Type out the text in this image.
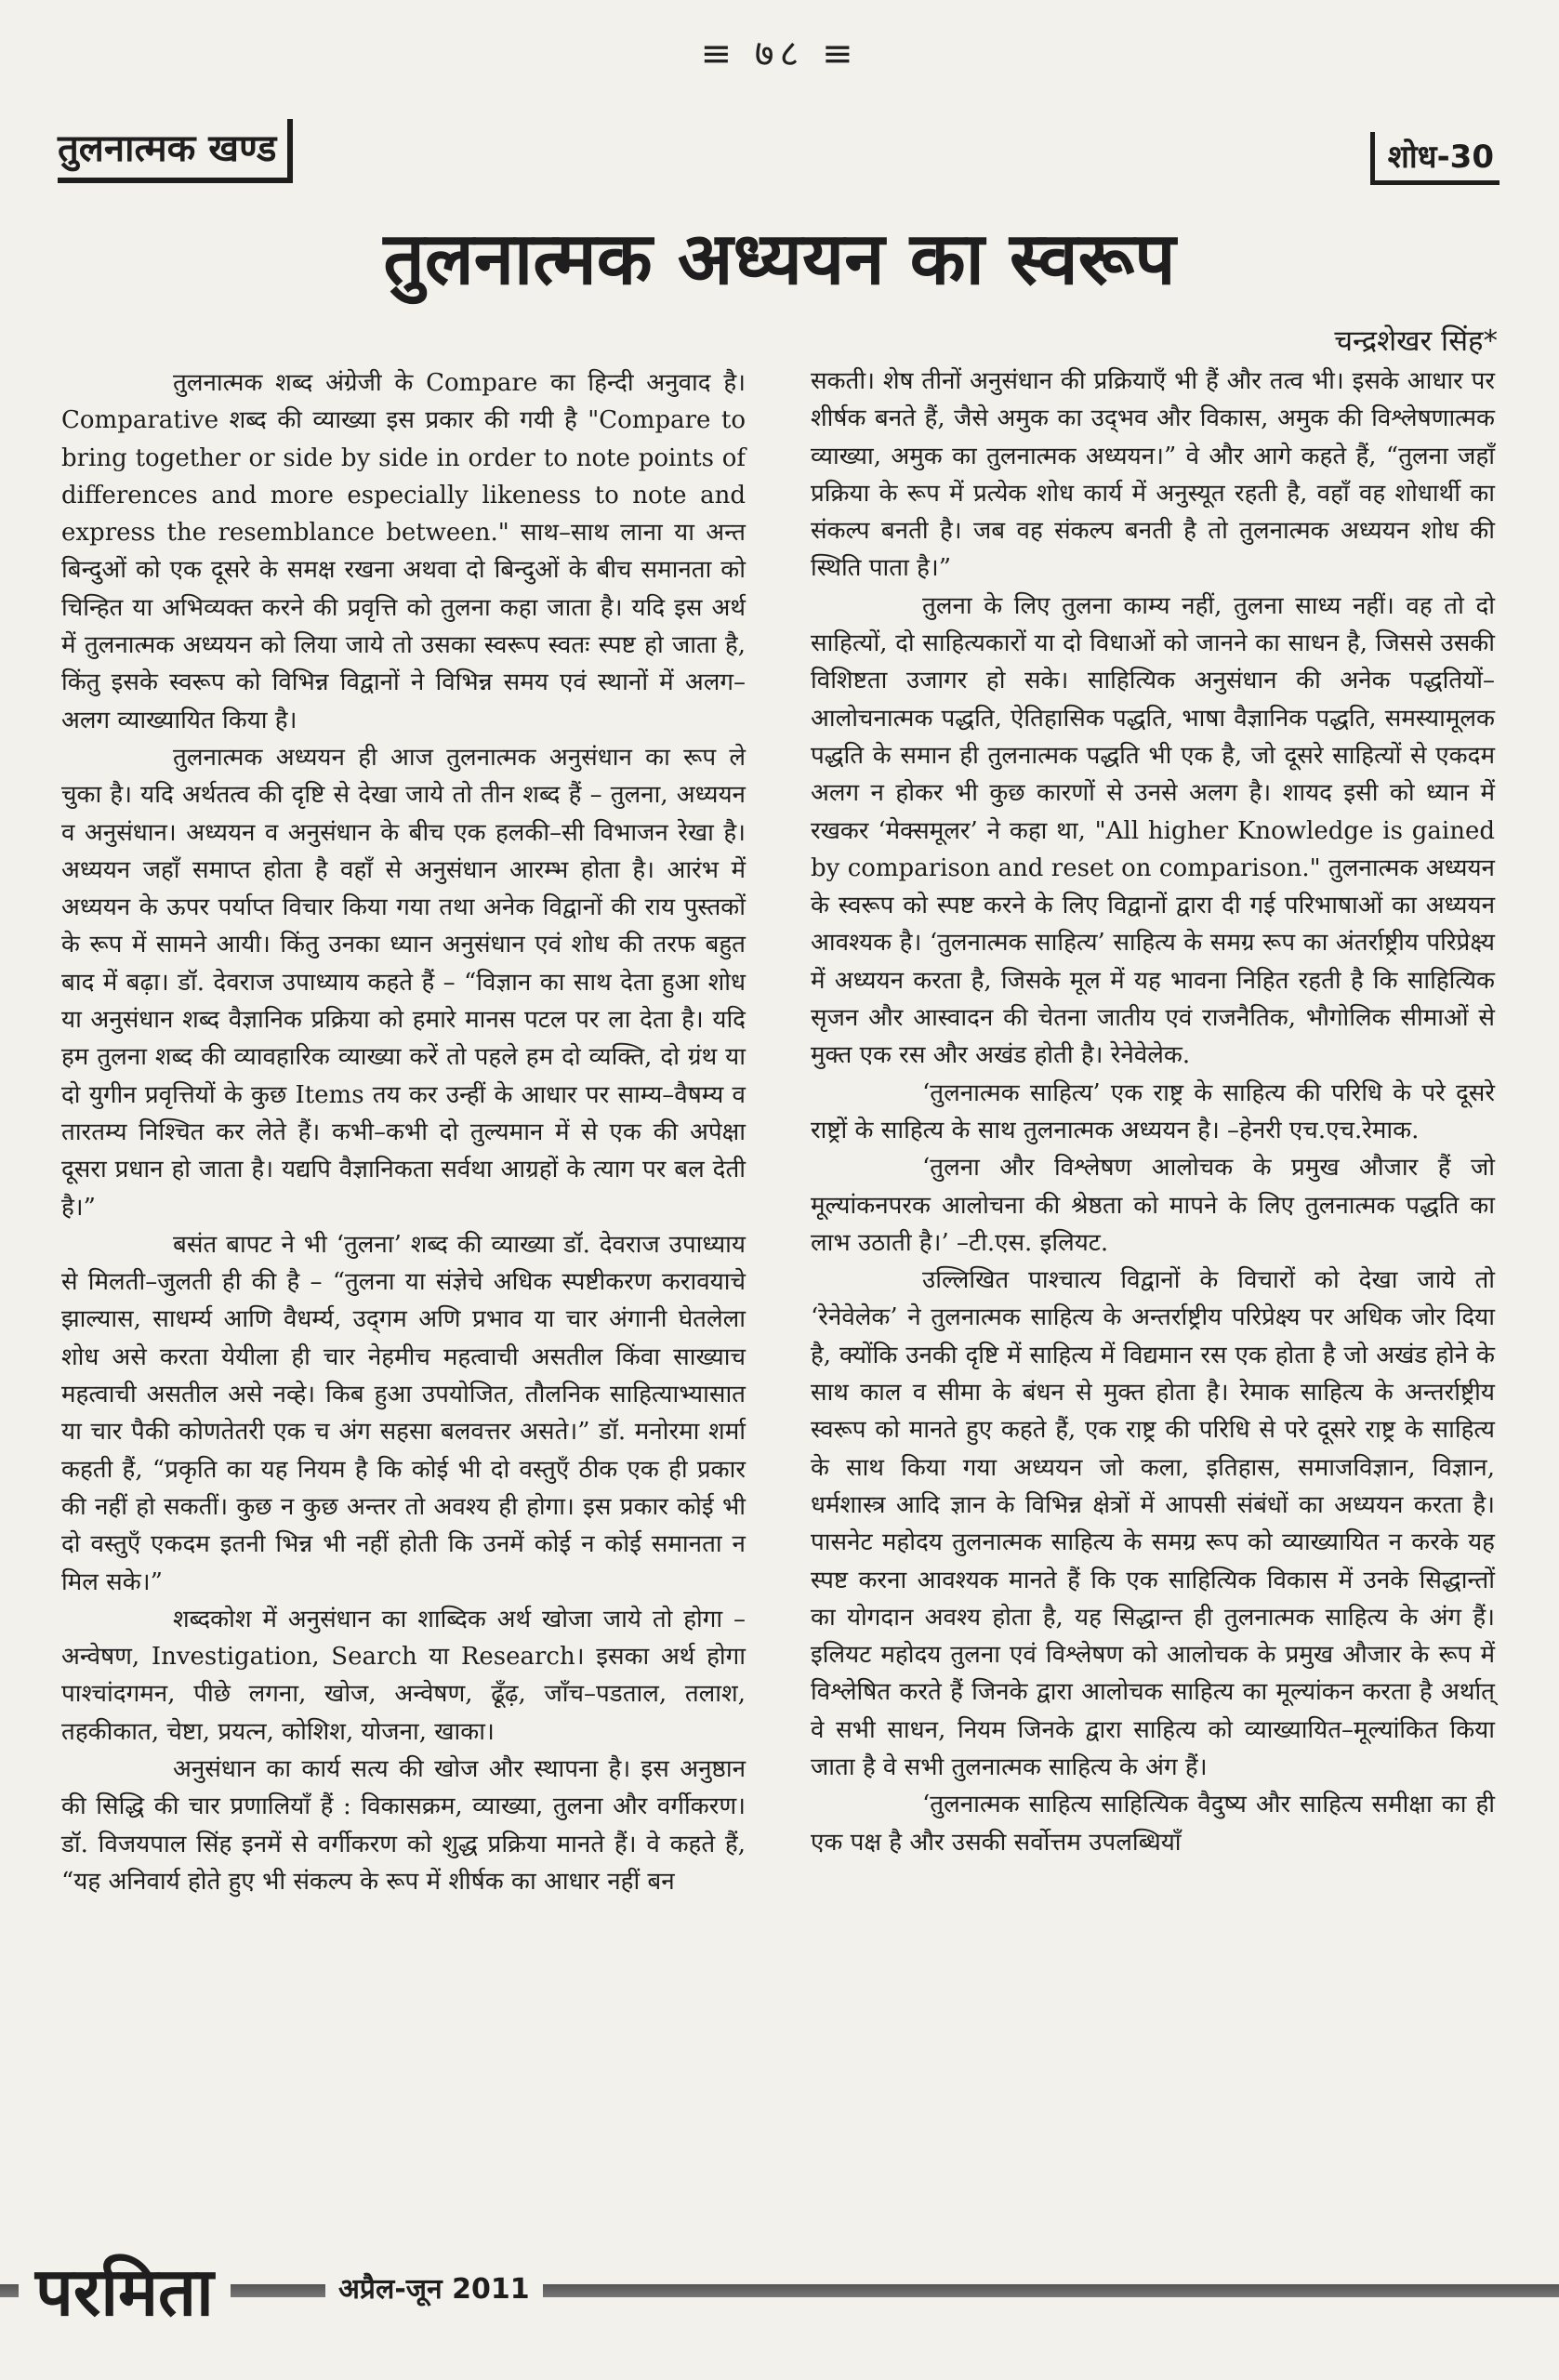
≡ ७८ ≡
तुलनात्मक खण्ड	शोध-30
तुलनात्मक अध्ययन का स्वरूप
चन्द्रशेखर सिंह*

तुलनात्मक शब्द अंग्रेजी के Compare का हिन्दी अनुवाद है। Comparative शब्द की व्याख्या इस प्रकार की गयी है "Compare to bring together or side by side in order to note points of differences and more especially likeness to note and express the resemblance between." साथ–साथ लाना या अन्त बिन्दुओं को एक दूसरे के समक्ष रखना अथवा दो बिन्दुओं के बीच समानता को चिन्हित या अभिव्यक्त करने की प्रवृत्ति को तुलना कहा जाता है। यदि इस अर्थ में तुलनात्मक अध्ययन को लिया जाये तो उसका स्वरूप स्वतः स्पष्ट हो जाता है, किंतु इसके स्वरूप को विभिन्न विद्वानों ने विभिन्न समय एवं स्थानों में अलग–अलग व्याख्यायित किया है।

तुलनात्मक अध्ययन ही आज तुलनात्मक अनुसंधान का रूप ले चुका है। यदि अर्थतत्व की दृष्टि से देखा जाये तो तीन शब्द हैं – तुलना, अध्ययन व अनुसंधान। अध्ययन व अनुसंधान के बीच एक हलकी–सी विभाजन रेखा है। अध्ययन जहाँ समाप्त होता है वहाँ से अनुसंधान आरम्भ होता है। आरंभ में अध्ययन के ऊपर पर्याप्त विचार किया गया तथा अनेक विद्वानों की राय पुस्तकों के रूप में सामने आयी। किंतु उनका ध्यान अनुसंधान एवं शोध की तरफ बहुत बाद में बढ़ा। डॉ. देवराज उपाध्याय कहते हैं – “विज्ञान का साथ देता हुआ शोध या अनुसंधान शब्द वैज्ञानिक प्रक्रिया को हमारे मानस पटल पर ला देता है। यदि हम तुलना शब्द की व्यावहारिक व्याख्या करें तो पहले हम दो व्यक्ति, दो ग्रंथ या दो युगीन प्रवृत्तियों के कुछ Items तय कर उन्हीं के आधार पर साम्य–वैषम्य व तारतम्य निश्चित कर लेते हैं। कभी–कभी दो तुल्यमान में से एक की अपेक्षा दूसरा प्रधान हो जाता है। यद्यपि वैज्ञानिकता सर्वथा आग्रहों के त्याग पर बल देती है।”

बसंत बापट ने भी ‘तुलना’ शब्द की व्याख्या डॉ. देवराज उपाध्याय से मिलती–जुलती ही की है – “तुलना या संज्ञेचे अधिक स्पष्टीकरण करावयाचे झाल्यास, साधर्म्य आणि वैधर्म्य, उद्‌गम अणि प्रभाव या चार अंगानी घेतलेला शोध असे करता येयीला ही चार नेहमीच महत्वाची असतील किंवा साख्याच महत्वाची असतील असे नव्हे। किब हुआ उपयोजित, तौलनिक साहित्याभ्यासात या चार पैकी कोणतेतरी एक च अंग सहसा बलवत्तर असते।” डॉ. मनोरमा शर्मा कहती हैं, “प्रकृति का यह नियम है कि कोई भी दो वस्तुएँ ठीक एक ही प्रकार की नहीं हो सकतीं। कुछ न कुछ अन्तर तो अवश्य ही होगा। इस प्रकार कोई भी दो वस्तुएँ एकदम इतनी भिन्न भी नहीं होती कि उनमें कोई न कोई समानता न मिल सके।”

शब्दकोश में अनुसंधान का शाब्दिक अर्थ खोजा जाये तो होगा – अन्वेषण, Investigation, Search या Research। इसका अर्थ होगा पाश्चांदगमन, पीछे लगना, खोज, अन्वेषण, ढूँढ़, जाँच–पडताल, तलाश, तहकीकात, चेष्टा, प्रयत्न, कोशिश, योजना, खाका।

अनुसंधान का कार्य सत्य की खोज और स्थापना है। इस अनुष्ठान की सिद्धि की चार प्रणालियाँ हैं : विकासक्रम, व्याख्या, तुलना और वर्गीकरण। डॉ. विजयपाल सिंह इनमें से वर्गीकरण को शुद्ध प्रक्रिया मानते हैं। वे कहते हैं, “यह अनिवार्य होते हुए भी संकल्प के रूप में शीर्षक का आधार नहीं बन

सकती। शेष तीनों अनुसंधान की प्रक्रियाएँ भी हैं और तत्व भी। इसके आधार पर शीर्षक बनते हैं, जैसे अमुक का उद्‌भव और विकास, अमुक की विश्लेषणात्मक व्याख्या, अमुक का तुलनात्मक अध्ययन।” वे और आगे कहते हैं, “तुलना जहाँ प्रक्रिया के रूप में प्रत्येक शोध कार्य में अनुस्यूत रहती है, वहाँ वह शोधार्थी का संकल्प बनती है। जब वह संकल्प बनती है तो तुलनात्मक अध्ययन शोध की स्थिति पाता है।”

तुलना के लिए तुलना काम्य नहीं, तुलना साध्य नहीं। वह तो दो साहित्यों, दो साहित्यकारों या दो विधाओं को जानने का साधन है, जिससे उसकी विशिष्टता उजागर हो सके। साहित्यिक अनुसंधान की अनेक पद्धतियों–आलोचनात्मक पद्धति, ऐतिहासिक पद्धति, भाषा वैज्ञानिक पद्धति, समस्यामूलक पद्धति के समान ही तुलनात्मक पद्धति भी एक है, जो दूसरे साहित्यों से एकदम अलग न होकर भी कुछ कारणों से उनसे अलग है। शायद इसी को ध्यान में रखकर ‘मेक्समूलर’ ने कहा था, "All higher Knowledge is gained by comparison and reset on comparison." तुलनात्मक अध्ययन के स्वरूप को स्पष्ट करने के लिए विद्वानों द्वारा दी गई परिभाषाओं का अध्ययन आवश्यक है। ‘तुलनात्मक साहित्य’ साहित्य के समग्र रूप का अंतर्राष्ट्रीय परिप्रेक्ष्य में अध्ययन करता है, जिसके मूल में यह भावना निहित रहती है कि साहित्यिक सृजन और आस्वादन की चेतना जातीय एवं राजनैतिक, भौगोलिक सीमाओं से मुक्त एक रस और अखंड होती है। रेनेवेलेक.

‘तुलनात्मक साहित्य’ एक राष्ट्र के साहित्य की परिधि के परे दूसरे राष्ट्रों के साहित्य के साथ तुलनात्मक अध्ययन है। –हेनरी एच.एच.रेमाक.

‘तुलना और विश्लेषण आलोचक के प्रमुख औजार हैं जो मूल्यांकनपरक आलोचना की श्रेष्ठता को मापने के लिए तुलनात्मक पद्धति का लाभ उठाती है।’ –टी.एस. इलियट.

उल्लिखित पाश्चात्य विद्वानों के विचारों को देखा जाये तो ‘रेनेवेलेक’ ने तुलनात्मक साहित्य के अन्तर्राष्ट्रीय परिप्रेक्ष्य पर अधिक जोर दिया है, क्योंकि उनकी दृष्टि में साहित्य में विद्यमान रस एक होता है जो अखंड होने के साथ काल व सीमा के बंधन से मुक्त होता है। रेमाक साहित्य के अन्तर्राष्ट्रीय स्वरूप को मानते हुए कहते हैं, एक राष्ट्र की परिधि से परे दूसरे राष्ट्र के साहित्य के साथ किया गया अध्ययन जो कला, इतिहास, समाजविज्ञान, विज्ञान, धर्मशास्त्र आदि ज्ञान के विभिन्न क्षेत्रों में आपसी संबंधों का अध्ययन करता है। पासनेट महोदय तुलनात्मक साहित्य के समग्र रूप को व्याख्यायित न करके यह स्पष्ट करना आवश्यक मानते हैं कि एक साहित्यिक विकास में उनके सिद्धान्तों का योगदान अवश्य होता है, यह सिद्धान्त ही तुलनात्मक साहित्य के अंग हैं। इलियट महोदय तुलना एवं विश्लेषण को आलोचक के प्रमुख औजार के रूप में विश्लेषित करते हैं जिनके द्वारा आलोचक साहित्य का मूल्यांकन करता है अर्थात् वे सभी साधन, नियम जिनके द्वारा साहित्य को व्याख्यायित–मूल्यांकित किया जाता है वे सभी तुलनात्मक साहित्य के अंग हैं।

‘तुलनात्मक साहित्य साहित्यिक वैदुष्य और साहित्य समीक्षा का ही एक पक्ष है और उसकी सर्वोत्तम उपलब्धियाँ

परमिता	अप्रैल-जून 2011
